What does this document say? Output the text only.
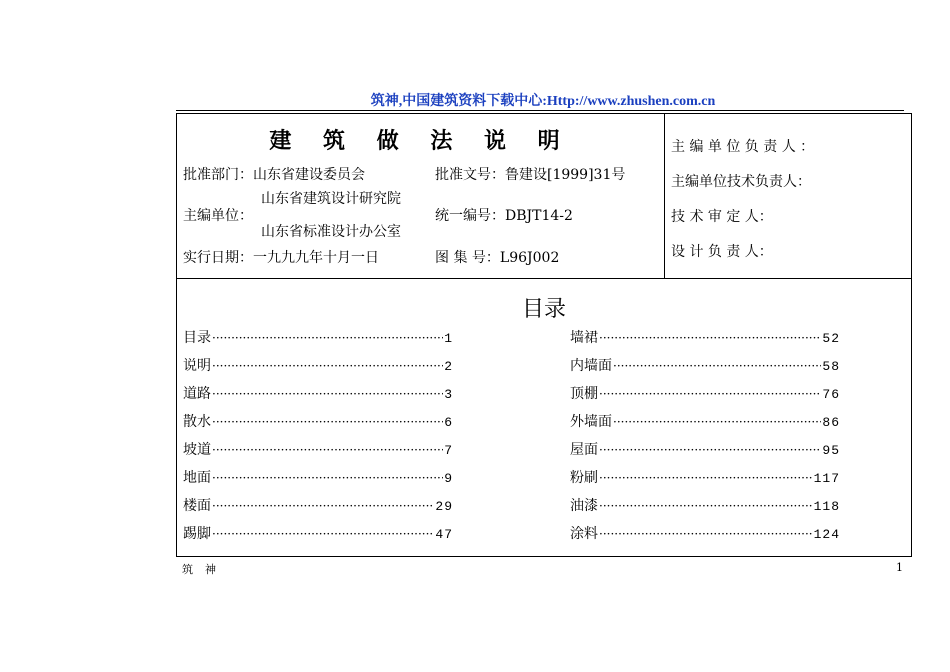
筑神,中国建筑资料下载中心:Http://www.zhushen.com.cn
建 筑 做 法 说 明
批准部门：山东省建设委员会	批准文号：鲁建设[1999]31号
主编单位：
山东省建筑设计研究院
山东省标准设计办公室
统一编号：DBJT14-2
实行日期：一九九九年十月一日	图 集 号：L96J002
主 编 单 位 负 责 人 ：
主编单位技术负责人：
技 术 审 定 人：
设 计 负 责 人：
目录
目录 ·····	1
说明 ·····	2
道路 ·····	3
散水 ·····	6
坡道 ·····	7
地面 ·····	9
楼面 ·····	29
踢脚 ·····	47
墙裙 ·····	52
内墙面 ·····	58
顶棚 ·····	76
外墙面 ·····	86
屋面 ·····	95
粉刷 ·····	117
油漆 ·····	118
涂料 ·····	124
筑神	1
